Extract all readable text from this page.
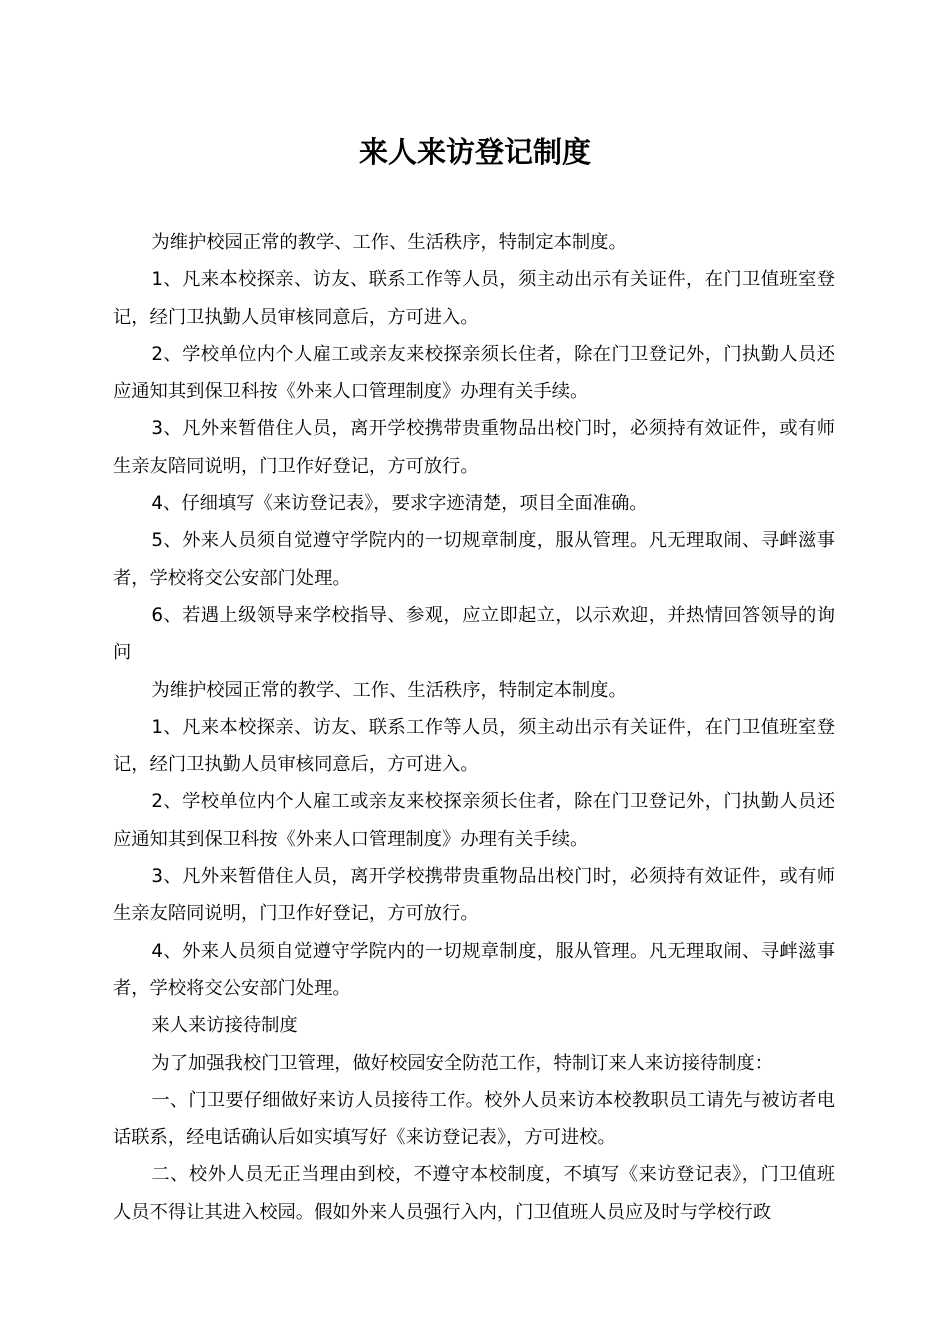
来人来访登记制度

为维护校园正常的教学、工作、生活秩序，特制定本制度。

1、凡来本校探亲、访友、联系工作等人员，须主动出示有关证件，在门卫值班室登记，经门卫执勤人员审核同意后，方可进入。

2、学校单位内个人雇工或亲友来校探亲须长住者，除在门卫登记外，门执勤人员还应通知其到保卫科按《外来人口管理制度》办理有关手续。

3、凡外来暂借住人员，离开学校携带贵重物品出校门时，必须持有效证件，或有师生亲友陪同说明，门卫作好登记，方可放行。

4、仔细填写《来访登记表》，要求字迹清楚，项目全面准确。

5、外来人员须自觉遵守学院内的一切规章制度，服从管理。凡无理取闹、寻衅滋事者，学校将交公安部门处理。

6、若遇上级领导来学校指导、参观，应立即起立，以示欢迎，并热情回答领导的询问

为维护校园正常的教学、工作、生活秩序，特制定本制度。

1、凡来本校探亲、访友、联系工作等人员，须主动出示有关证件，在门卫值班室登记，经门卫执勤人员审核同意后，方可进入。

2、学校单位内个人雇工或亲友来校探亲须长住者，除在门卫登记外，门执勤人员还应通知其到保卫科按《外来人口管理制度》办理有关手续。

3、凡外来暂借住人员，离开学校携带贵重物品出校门时，必须持有效证件，或有师生亲友陪同说明，门卫作好登记，方可放行。

4、外来人员须自觉遵守学院内的一切规章制度，服从管理。凡无理取闹、寻衅滋事者，学校将交公安部门处理。

来人来访接待制度

为了加强我校门卫管理，做好校园安全防范工作，特制订来人来访接待制度：

一、门卫要仔细做好来访人员接待工作。校外人员来访本校教职员工请先与被访者电话联系，经电话确认后如实填写好《来访登记表》，方可进校。

二、校外人员无正当理由到校，不遵守本校制度，不填写《来访登记表》，门卫值班人员不得让其进入校园。假如外来人员强行入内，门卫值班人员应及时与学校行政
